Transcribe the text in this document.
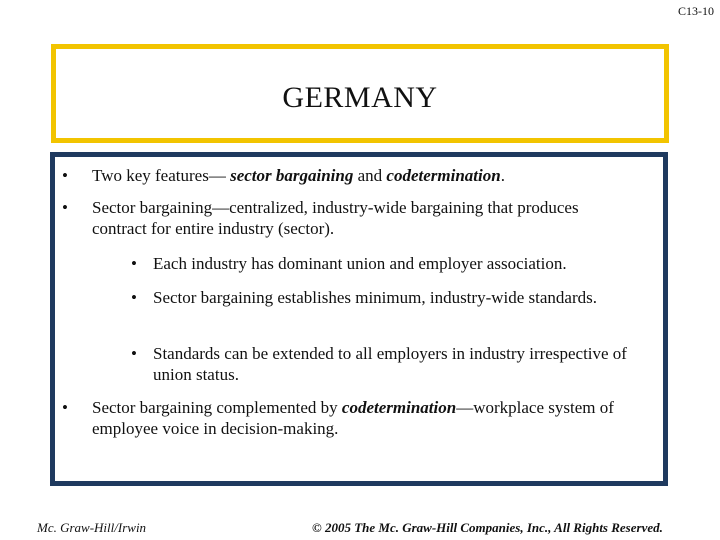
C13-10
GERMANY
• Two key features— sector bargaining and codetermination.
• Sector bargaining—centralized, industry-wide bargaining that produces contract for entire industry (sector).
• Each industry has dominant union and employer association.
• Sector bargaining establishes minimum, industry-wide standards.
• Standards can be extended to all employers in industry irrespective of union status.
• Sector bargaining complemented by codetermination—workplace system of employee voice in decision-making.
Mc. Graw-Hill/Irwin	© 2005 The Mc. Graw-Hill Companies, Inc., All Rights Reserved.
